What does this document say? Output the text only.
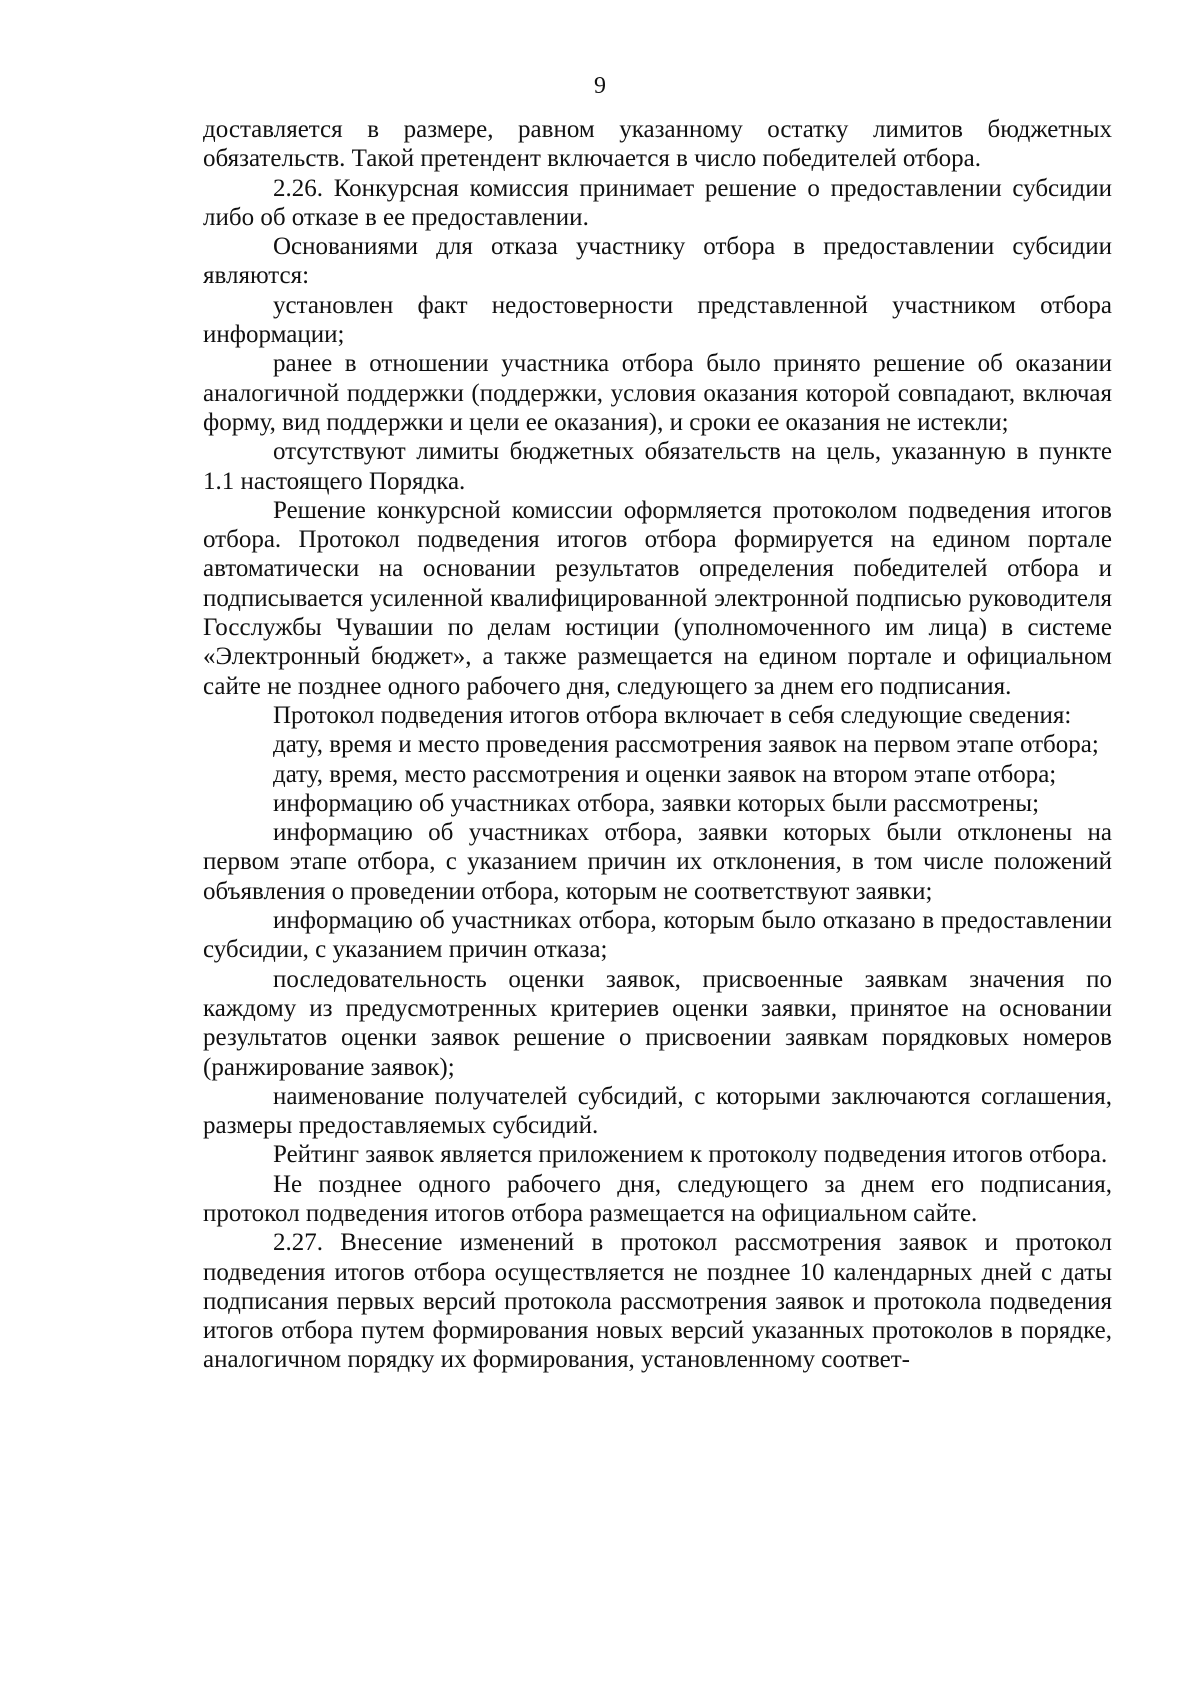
9

доставляется в размере, равном указанному остатку лимитов бюджетных обязательств. Такой претендент включается в число победителей отбора.

2.26. Конкурсная комиссия принимает решение о предоставлении субсидии либо об отказе в ее предоставлении.

Основаниями для отказа участнику отбора в предоставлении субсидии являются:

установлен факт недостоверности представленной участником отбора информации;

ранее в отношении участника отбора было принято решение об оказании аналогичной поддержки (поддержки, условия оказания которой совпадают, включая форму, вид поддержки и цели ее оказания), и сроки ее оказания не истекли;

отсутствуют лимиты бюджетных обязательств на цель, указанную в пункте 1.1 настоящего Порядка.

Решение конкурсной комиссии оформляется протоколом подведения итогов отбора. Протокол подведения итогов отбора формируется на едином портале автоматически на основании результатов определения победителей отбора и подписывается усиленной квалифицированной электронной подписью руководителя Госслужбы Чувашии по делам юстиции (уполномоченного им лица) в системе «Электронный бюджет», а также размещается на едином портале и официальном сайте не позднее одного рабочего дня, следующего за днем его подписания.

Протокол подведения итогов отбора включает в себя следующие сведения:

дату, время и место проведения рассмотрения заявок на первом этапе отбора;

дату, время, место рассмотрения и оценки заявок на втором этапе отбора;

информацию об участниках отбора, заявки которых были рассмотрены;

информацию об участниках отбора, заявки которых были отклонены на первом этапе отбора, с указанием причин их отклонения, в том числе положений объявления о проведении отбора, которым не соответствуют заявки;

информацию об участниках отбора, которым было отказано в предоставлении субсидии, с указанием причин отказа;

последовательность оценки заявок, присвоенные заявкам значения по каждому из предусмотренных критериев оценки заявки, принятое на основании результатов оценки заявок решение о присвоении заявкам порядковых номеров (ранжирование заявок);

наименование получателей субсидий, с которыми заключаются соглашения, размеры предоставляемых субсидий.

Рейтинг заявок является приложением к протоколу подведения итогов отбора.

Не позднее одного рабочего дня, следующего за днем его подписания, протокол подведения итогов отбора размещается на официальном сайте.

2.27. Внесение изменений в протокол рассмотрения заявок и протокол подведения итогов отбора осуществляется не позднее 10 календарных дней с даты подписания первых версий протокола рассмотрения заявок и протокола подведения итогов отбора путем формирования новых версий указанных протоколов в порядке, аналогичном порядку их формирования, установленному соответ-
